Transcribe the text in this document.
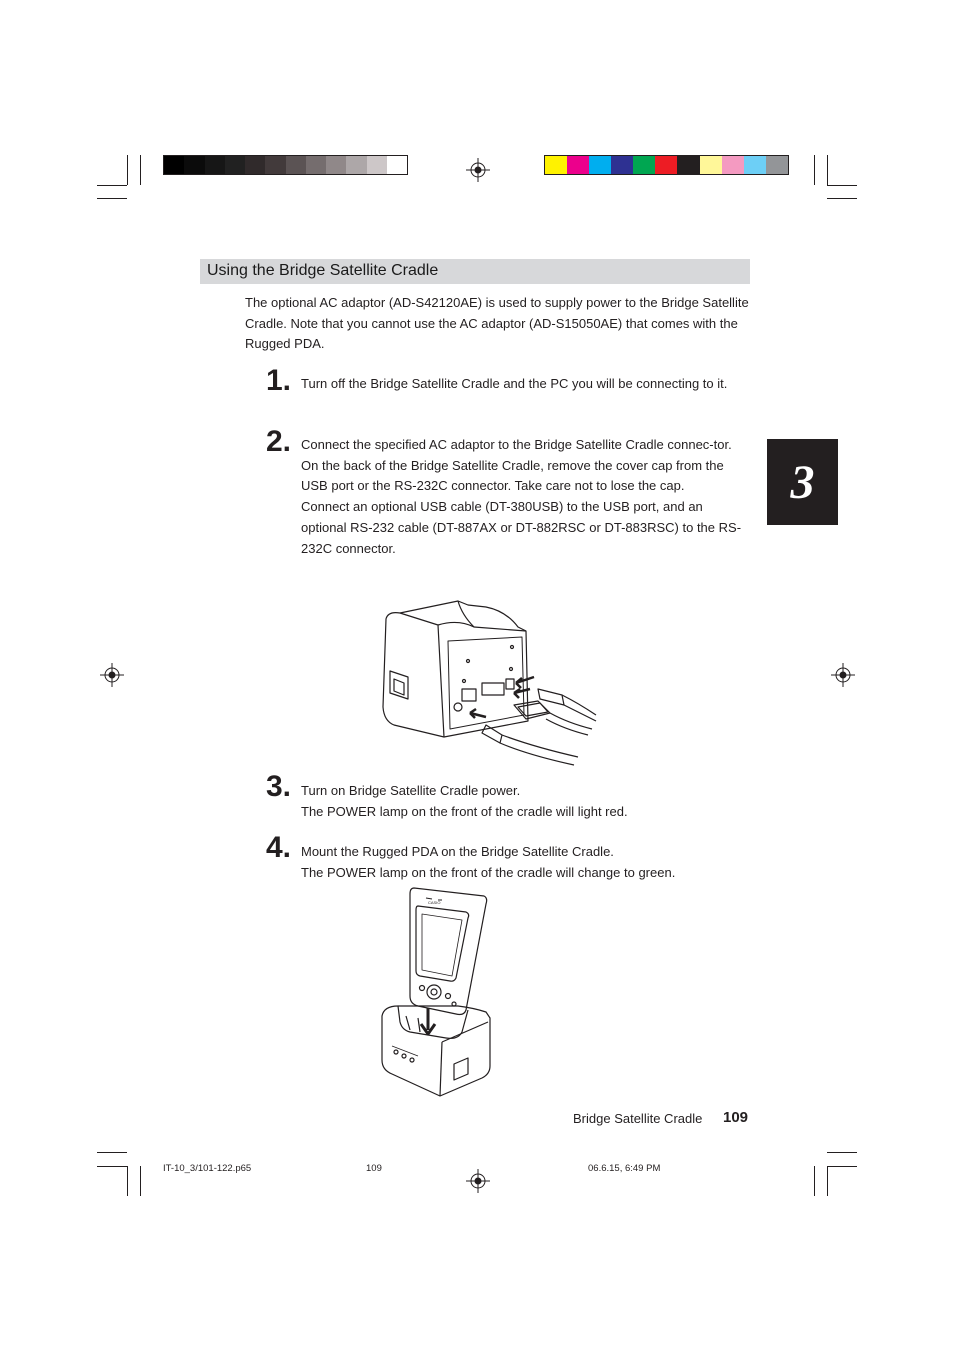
Using the Bridge Satellite Cradle
The optional AC adaptor (AD-S42120AE) is used to supply power to the Bridge Satellite Cradle. Note that you cannot use the AC adaptor (AD-S15050AE) that comes with the Rugged PDA.
1. Turn off the Bridge Satellite Cradle and the PC you will be connecting to it.

2. Connect the specified AC adaptor to the Bridge Satellite Cradle connec-tor.

On the back of the Bridge Satellite Cradle, remove the cover cap from the USB port or the RS-232C connector. Take care not to lose the cap.

Connect an optional USB cable (DT-380USB) to the USB port, and an optional RS-232 cable (DT-887AX or DT-882RSC or DT-883RSC) to the RS-232C connector.

3
3. Turn on Bridge Satellite Cradle power.

The POWER lamp on the front of the cradle will light red.

4. Mount the Rugged PDA on the Bridge Satellite Cradle.

The POWER lamp on the front of the cradle will change to green.

CASIO
Bridge Satellite Cradle 109
IT-10_3/101-122.p65	109	06.6.15, 6:49 PM
